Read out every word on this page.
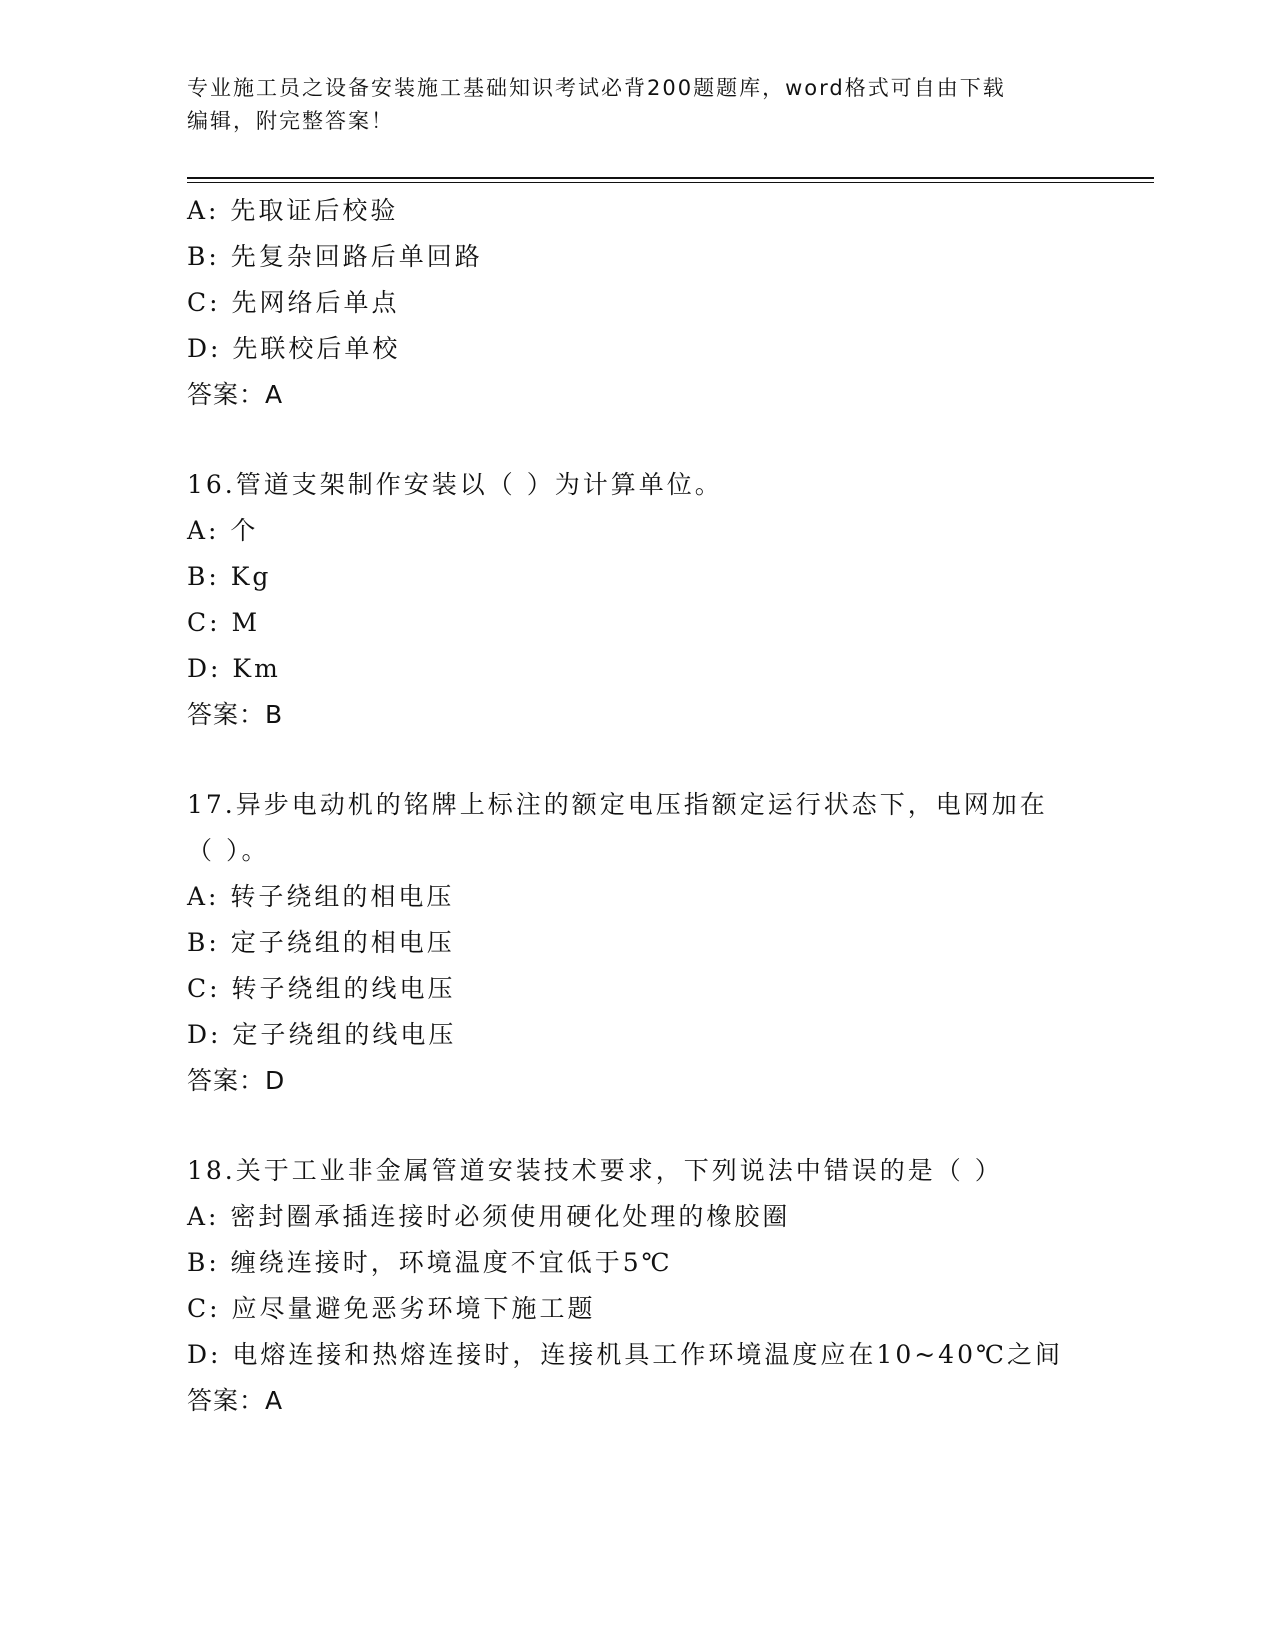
专业施工员之设备安装施工基础知识考试必背200题题库，word格式可自由下载
编辑，附完整答案！
A: 先取证后校验
B: 先复杂回路后单回路
C: 先网络后单点
D: 先联校后单校
答案：A
16.管道支架制作安装以（ ）为计算单位。
A: 个
B: Kg
C: M
D: Km
答案：B
17.异步电动机的铭牌上标注的额定电压指额定运行状态下，电网加在
（ ）。
A: 转子绕组的相电压
B: 定子绕组的相电压
C: 转子绕组的线电压
D: 定子绕组的线电压
答案：D
18.关于工业非金属管道安装技术要求，下列说法中错误的是（ ）
A: 密封圈承插连接时必须使用硬化处理的橡胶圈
B: 缠绕连接时，环境温度不宜低于5℃
C: 应尽量避免恶劣环境下施工题
D: 电熔连接和热熔连接时，连接机具工作环境温度应在10~40℃之间
答案：A
